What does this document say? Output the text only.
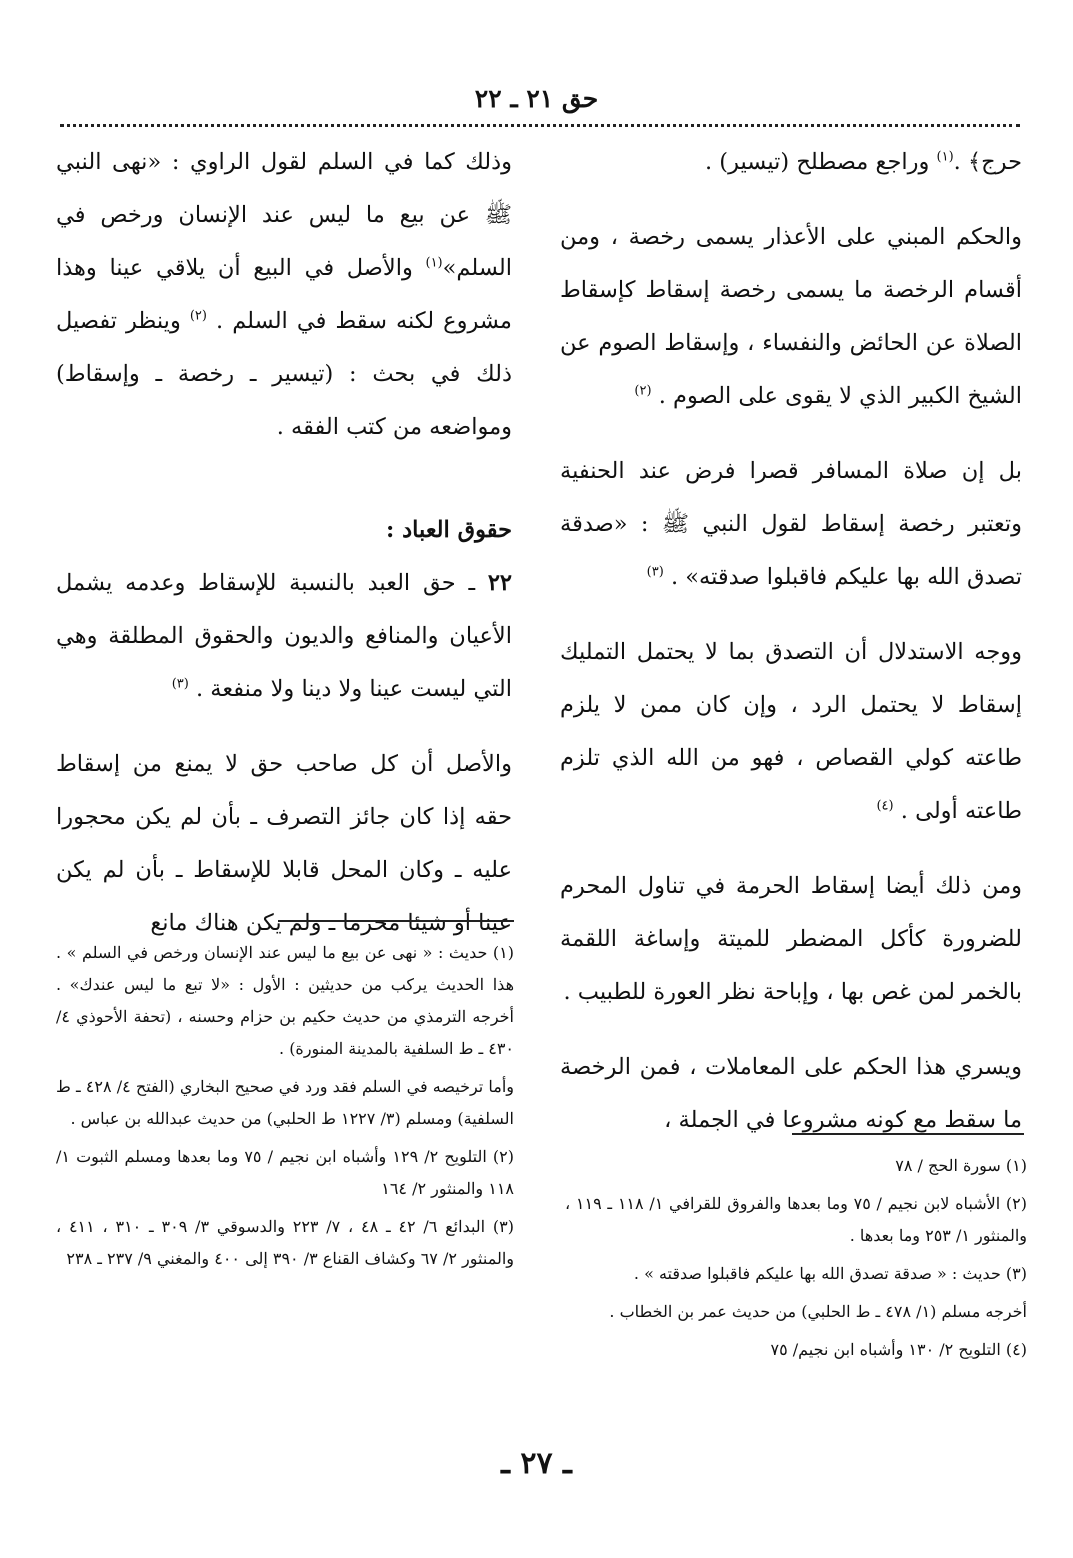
حق ٢١ ـ ٢٢

حرج﴾ .$^{(١)}$ وراجع مصطلح (تيسير) .

والحكم المبني على الأعذار يسمى رخصة ، ومن أقسام الرخصة ما يسمى رخصة إسقاط كإسقاط الصلاة عن الحائض والنفساء ، وإسقاط الصوم عن الشيخ الكبير الذي لا يقوى على الصوم . $^{(٢)}$

بل إن صلاة المسافر قصرا فرض عند الحنفية وتعتبر رخصة إسقاط لقول النبي ﷺ : «صدقة تصدق الله بها عليكم فاقبلوا صدقته» . $^{(٣)}$

ووجه الاستدلال أن التصدق بما لا يحتمل التمليك إسقاط لا يحتمل الرد ، وإن كان ممن لا يلزم طاعته كولي القصاص ، فهو من الله الذي تلزم طاعته أولى . $^{(٤)}$

ومن ذلك أيضا إسقاط الحرمة في تناول المحرم للضرورة كأكل المضطر للميتة وإساغة اللقمة بالخمر لمن غص بها ، وإباحة نظر العورة للطبيب .

ويسري هذا الحكم على المعاملات ، فمن الرخصة ما سقط مع كونه مشروعا في الجملة ،

وذلك كما في السلم لقول الراوي : «نهى النبي ﷺ عن بيع ما ليس عند الإنسان ورخص في السلم»$^{(١)}$ والأصل في البيع أن يلاقي عينا وهذا مشروع لكنه سقط في السلم . $^{(٢)}$ وينظر تفصيل ذلك في بحث : (تيسير ـ رخصة ـ وإسقاط) ومواضعه من كتب الفقه .

حقوق العباد :

٢٢ ـ حق العبد بالنسبة للإسقاط وعدمه يشمل الأعيان والمنافع والديون والحقوق المطلقة وهي التي ليست عينا ولا دينا ولا منفعة . $^{(٣)}$

والأصل أن كل صاحب حق لا يمنع من إسقاط حقه إذا كان جائز التصرف ـ بأن لم يكن محجورا عليه ـ وكان المحل قابلا للإسقاط ـ بأن لم يكن عينا أو شيئا محرما ـ ولم يكن هناك مانع

(١) سورة الحج / ٧٨

(٢) الأشباه لابن نجيم / ٧٥ وما بعدها والفروق للقرافي ١/ ١١٨ ـ ١١٩ ، والمنثور ١/ ٢٥٣ وما بعدها .

(٣) حديث : « صدقة تصدق الله بها عليكم فاقبلوا صدقته » .

أخرجه مسلم (١/ ٤٧٨ ـ ط الحلبي) من حديث عمر بن الخطاب .

(٤) التلويح ٢/ ١٣٠ وأشباه ابن نجيم/ ٧٥

(١) حديث : « نهى عن بيع ما ليس عند الإنسان ورخص في السلم » . هذا الحديث يركب من حديثين : الأول : «لا تبع ما ليس عندك» . أخرجه الترمذي من حديث حكيم بن حزام وحسنه ، (تحفة الأحوذي ٤/ ٤٣٠ ـ ط السلفية بالمدينة المنورة) .

وأما ترخيصه في السلم فقد ورد في صحيح البخاري (الفتح ٤/ ٤٢٨ ـ ط السلفية) ومسلم (٣/ ١٢٢٧ ط الحلبي) من حديث عبدالله بن عباس .

(٢) التلويح ٢/ ١٢٩ وأشباه ابن نجيم / ٧٥ وما بعدها ومسلم الثبوت ١/ ١١٨ والمنثور ٢/ ١٦٤

(٣) البدائع ٦/ ٤٢ ـ ٤٨ ، ٧/ ٢٢٣ والدسوقي ٣/ ٣٠٩ ـ ٣١٠ ، ٤١١ ، والمنثور ٢/ ٦٧ وكشاف القناع ٣/ ٣٩٠ إلى ٤٠٠ والمغني ٩/ ٢٣٧ ـ ٢٣٨

ـ ٢٧ ـ
